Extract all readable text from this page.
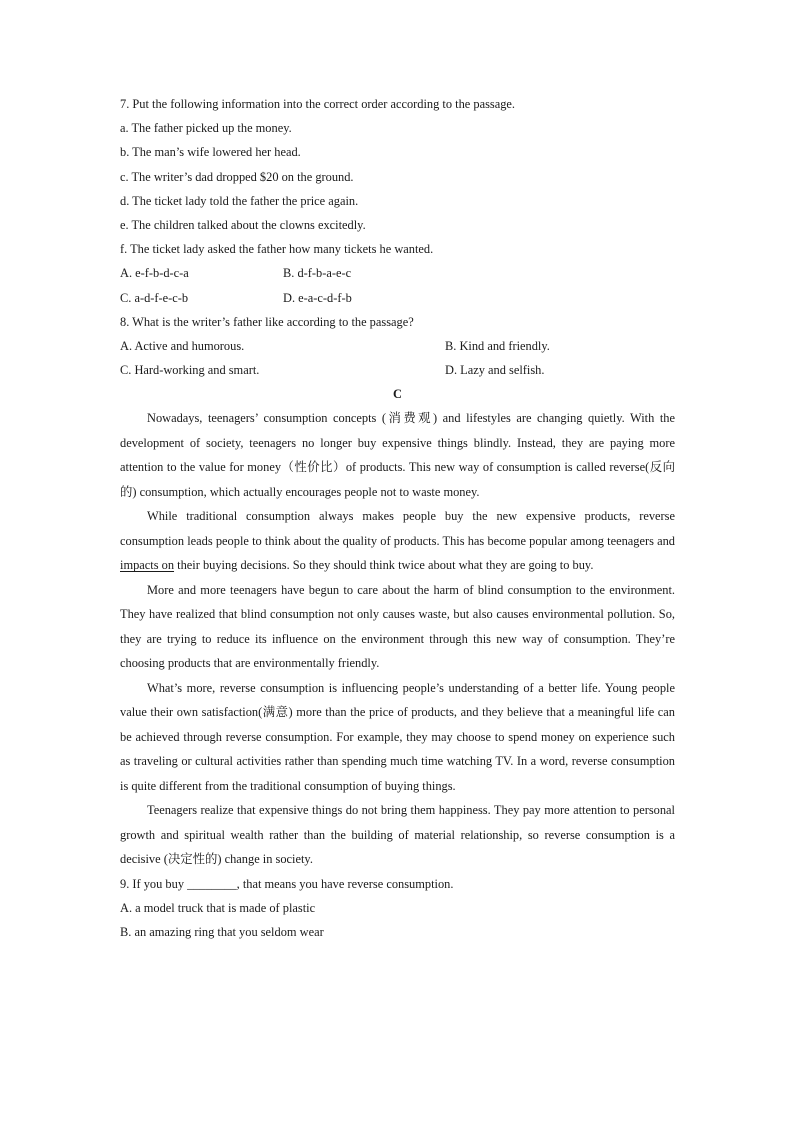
7. Put the following information into the correct order according to the passage.
a. The father picked up the money.
b. The man’s wife lowered her head.
c. The writer’s dad dropped $20 on the ground.
d. The ticket lady told the father the price again.
e. The children talked about the clowns excitedly.
f. The ticket lady asked the father how many tickets he wanted.
A. e-f-b-d-c-a	B. d-f-b-a-e-c
C. a-d-f-e-c-b	D. e-a-c-d-f-b
8. What is the writer’s father like according to the passage?
A. Active and humorous.	B. Kind and friendly.
C. Hard-working and smart.	D. Lazy and selfish.
C

Nowadays, teenagers’ consumption concepts (消费观) and lifestyles are changing quietly. With the development of society, teenagers no longer buy expensive things blindly. Instead, they are paying more attention to the value for money（性价比）of products. This new way of consumption is called reverse(反向的) consumption, which actually encourages people not to waste money.

While traditional consumption always makes people buy the new expensive products, reverse consumption leads people to think about the quality of products. This has become popular among teenagers and impacts on their buying decisions. So they should think twice about what they are going to buy.

More and more teenagers have begun to care about the harm of blind consumption to the environment. They have realized that blind consumption not only causes waste, but also causes environmental pollution. So, they are trying to reduce its influence on the environment through this new way of consumption. They’re choosing products that are environmentally friendly.

What’s more, reverse consumption is influencing people’s understanding of a better life. Young people value their own satisfaction(满意) more than the price of products, and they believe that a meaningful life can be achieved through reverse consumption. For example, they may choose to spend money on experience such as traveling or cultural activities rather than spending much time watching TV. In a word, reverse consumption is quite different from the traditional consumption of buying things.

Teenagers realize that expensive things do not bring them happiness. They pay more attention to personal growth and spiritual wealth rather than the building of material relationship, so reverse consumption is a decisive (决定性的) change in society.

9. If you buy ________, that means you have reverse consumption.
A. a model truck that is made of plastic
B. an amazing ring that you seldom wear
